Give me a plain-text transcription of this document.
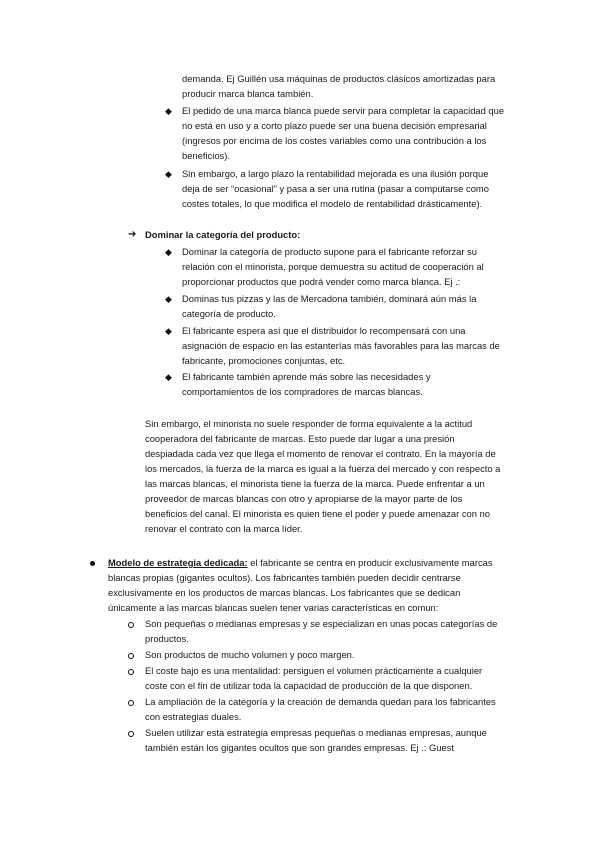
demanda. Ej Guillén usa máquinas de productos clásicos amortizadas para
producir marca blanca también.
◆ El pedido de una marca blanca puede servir para completar la capacidad que
no está en uso y a corto plazo puede ser una buena decisión empresarial
(ingresos por encima de los costes variables como una contribución a los
beneficios).
◆ Sin embargo, a largo plazo la rentabilidad mejorada es una ilusión porque
deja de ser “ocasional” y pasa a ser una rutina (pasar a computarse como
costes totales, lo que modifica el modelo de rentabilidad drásticamente).
➔ Dominar la categoría del producto:
◆ Dominar la categoría de producto supone para el fabricante reforzar su
relación con el minorista, porque demuestra su actitud de cooperación al
proporcionar productos que podrá vender como marca blanca. Ej .:
◆ Dominas tus pizzas y las de Mercadona también, dominará aún más la
categoría de producto.
◆ El fabricante espera así que el distribuidor lo recompensará con una
asignación de espacio en las estanterías más favorables para las marcas de
fabricante, promociones conjuntas, etc.
◆ El fabricante también aprende más sobre las necesidades y
comportamientos de los compradores de marcas blancas.
Sin embargo, el minorista no suele responder de forma equivalente a la actitud
cooperadora del fabricante de marcas. Esto puede dar lugar a una presión
despiadada cada vez que llega el momento de renovar el contrato. En la mayoría de
los mercados, la fuerza de la marca es igual a la fuerza del mercado y con respecto a
las marcas blancas, el minorista tiene la fuerza de la marca. Puede enfrentar a un
proveedor de marcas blancas con otro y apropiarse de la mayor parte de los
beneficios del canal. El minorista es quien tiene el poder y puede amenazar con no
renovar el contrato con la marca líder.
Modelo de estrategia dedicada: el fabricante se centra en producir exclusivamente marcas
blancas propias (gigantes ocultos). Los fabricantes también pueden decidir centrarse
exclusivamente en los productos de marcas blancas. Los fabricantes que se dedican
únicamente a las marcas blancas suelen tener varias características en comun:
Son pequeñas o medianas empresas y se especializan en unas pocas categorías de
productos.
Son productos de mucho volumen y poco margen.
El coste bajo es una mentalidad: persiguen el volumen prácticamente a cualquier
coste con el fin de utilizar toda la capacidad de producción de la que disponen.
La ampliación de la categoría y la creación de demanda quedan para los fabricantes
con estrategias duales.
Suelen utilizar esta estrategia empresas pequeñas o medianas empresas, aunque
también están los gigantes ocultos que son grandes empresas. Ej .: Guest
